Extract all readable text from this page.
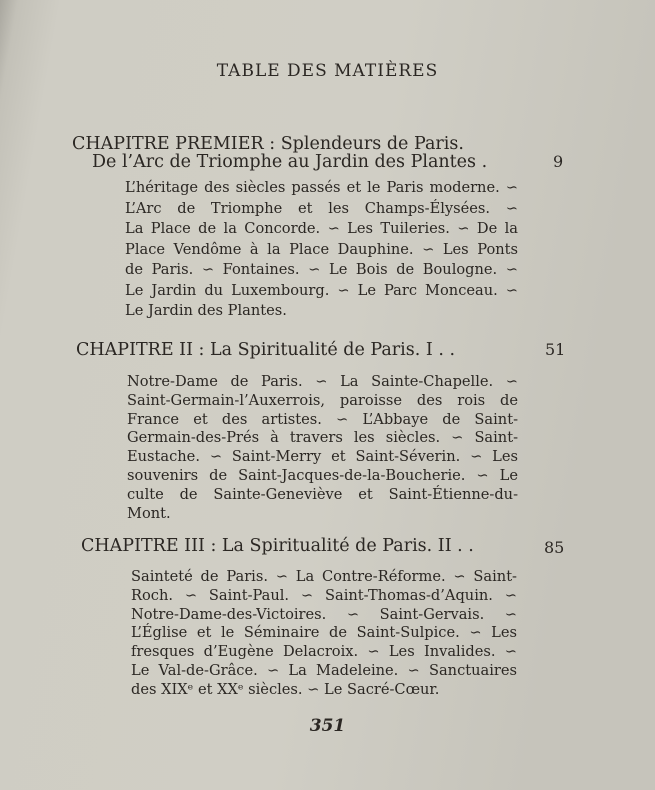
TABLE DES MATIÈRES
CHAPITRE PREMIER : Splendeurs de Paris.
De l’Arc de Triomphe au Jardin des Plantes .	9
L’héritage des siècles passés et le Paris moderne. ∽
L’Arc de Triomphe et les Champs-Élysées. ∽
La Place de la Concorde. ∽ Les Tuileries. ∽ De la
Place Vendôme à la Place Dauphine. ∽ Les Ponts
de Paris. ∽ Fontaines. ∽ Le Bois de Boulogne. ∽
Le Jardin du Luxembourg. ∽ Le Parc Monceau. ∽
Le Jardin des Plantes.
CHAPITRE II : La Spiritualité de Paris. I . .	51
Notre-Dame de Paris. ∽ La Sainte-Chapelle. ∽
Saint-Germain-l’Auxerrois, paroisse des rois de
France et des artistes. ∽ L’Abbaye de Saint-
Germain-des-Prés à travers les siècles. ∽ Saint-
Eustache. ∽ Saint-Merry et Saint-Séverin. ∽ Les
souvenirs de Saint-Jacques-de-la-Boucherie. ∽ Le
culte de Sainte-Geneviève et Saint-Étienne-du-
Mont.
CHAPITRE III : La Spiritualité de Paris. II . .	85
Sainteté de Paris. ∽ La Contre-Réforme. ∽ Saint-
Roch. ∽ Saint-Paul. ∽ Saint-Thomas-d’Aquin. ∽
Notre-Dame-des-Victoires. ∽ Saint-Gervais. ∽
L’Église et le Séminaire de Saint-Sulpice. ∽ Les
fresques d’Eugène Delacroix. ∽ Les Invalides. ∽
Le Val-de-Grâce. ∽ La Madeleine. ∽ Sanctuaires
des XIXᵉ et XXᵉ siècles. ∽ Le Sacré-Cœur.
351
